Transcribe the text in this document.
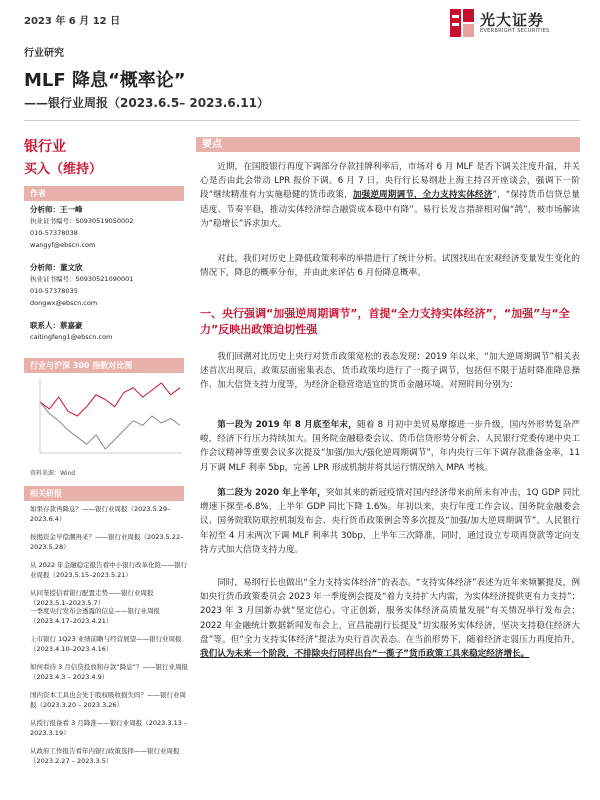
2023 年 6 月 12 日	光大证券
EVERBRIGHT SECURITIES
行业研究
MLF 降息“概率论”
——银行业周报（2023.6.5– 2023.6.11）
银行业
买入（维持）
作者
分析师：王一峰
执业证书编号：S0930519050002
010-57378038
wangyf@ebscn.com
分析师：董文欣
执业证书编号：S0930521090001
010-57378035
dongwx@ebscn.com
联系人：蔡嘉豪
caitingfeng1@ebscn.com
行业与沪深 300 指数对比图
资料来源：Wind
相关研报
如果存款再降息？——银行业周报（2023.5.29–2023.6.4）
按揭资金早偿潮再来？——银行业周报（2023.5.22–2023.5.28）
从 2022 年金融稳定报告看中小银行改革化险——银行业周报（2023.5.15–2023.5.21）
从同業授信看银行配置走势——银行业周报（2023.5.1–2023.5.7）
一季度央行发布会透露的信息——银行业周报（2023.4.17–2023.4.21）
上市银行 1Q23 业绩前瞻与经营展望——银行业周报（2023.4.10–2023.4.16）
如何看待 3 月信贷投放和存款“降息”？——银行业周报（2023.4.3 – 2023.4.9）
国内资本工具也会先于股权吸收损失吗？——银行业周报（2023.3.20 – 2023.3.26）
从授行报备看 3 月降准——银行业周报（2023.3.13 – 2023.3.19）
从政府工作报告看年内银行政策选择——银行业周报（2023.2.27 – 2023.3.5）
要点

近期，在国股银行再度下调部分存款挂牌利率后，市场对 6 月 MLF 是否下调关注度升温，并关心是否由此会带动 LPR 报价下调。6 月 7 日，央行行长易纲赴上海主持召开座谈会，强调下一阶段“继续精准有力实施稳健的货币政策，加强逆周期调节，全力支持实体经济”，“保持货币信贷总量适度、节奏平稳，推动实体经济综合融资成本稳中有降”。易行长发言措辞相对偏“鸽”，被市场解读为“稳增长”诉求加大。

对此，我们对历史上降低政策利率的举措进行了统计分析。试图找出在宏观经济变量发生变化的情况下，降息的概率分布，并由此来评估 6 月份降息概率。

一、央行强调“加强逆周期调节”，首提“全力支持实体经济”，“加强”与“全力”反映出政策迫切性强

我们回溯对比历史上央行对货币政策宽松的表态发现：2019 年以来，“加大逆周期调节”相关表述首次出现后，政策层面密集表态，货币政策均进行了一揽子调节，包括但不限于适时降准降息操作、加大信贷支持力度等，为经济企稳营造适宜的货币金融环境。对照时间分别为：

第一段为 2019 年 8 月底至年末，随着 8 月初中美贸易摩擦进一步升级，国内外形势复杂严峻，经济下行压力持续加大。国务院金融稳委会议、货币信贷形势分析会、人民银行党委传递中央工作会议精神等重要会议多次提及“加强/加大/强化逆周期调节”，年内央行三年下调存款准备金率，11 月下调 MLF 利率 5bp，完善 LPR 形成机制并将其运行情况纳入 MPA 考核。

第二段为 2020 年上半年，突如其来的新冠疫情对国内经济带来前所未有冲击，1Q GDP 同比增速下探至-6.8%，上半年 GDP 同比下降 1.6%。年初以来，央行年度工作会议、国务院金融委会议、国务院联防联控机制发布会、央行货币政策例会等多次提及“加强/加大逆周期调节”。人民银行年初至 4 月末两次下调 MLF 利率共 30bp，上半年三次降准，同时，通过设立专项再贷款等定向支持方式加大信贷支持力度。

同时，易纲行长也做出“全力支持实体经济”的表态。“支持实体经济”表述为近年来频繁提及，例如央行货币政策委员会 2023 年一季度例会提及“着力支持扩大内需，为实体经济提供更有力支持”；2023 年 3 月国新办就“坚定信心、守正创新，服务实体经济高质量发展”有关情况举行发布会；2022 年金融统计数据新闻发布会上，宣昌能副行长提及“切实服务实体经济，坚决支持稳住经济大盘”等。但“全力支持实体经济”提法为央行首次表态。在当前形势下，随着经济走弱压力再度抬升，我们认为未来一个阶段，不排除央行同样出台“一揽子”货币政策工具来稳定经济增长。
